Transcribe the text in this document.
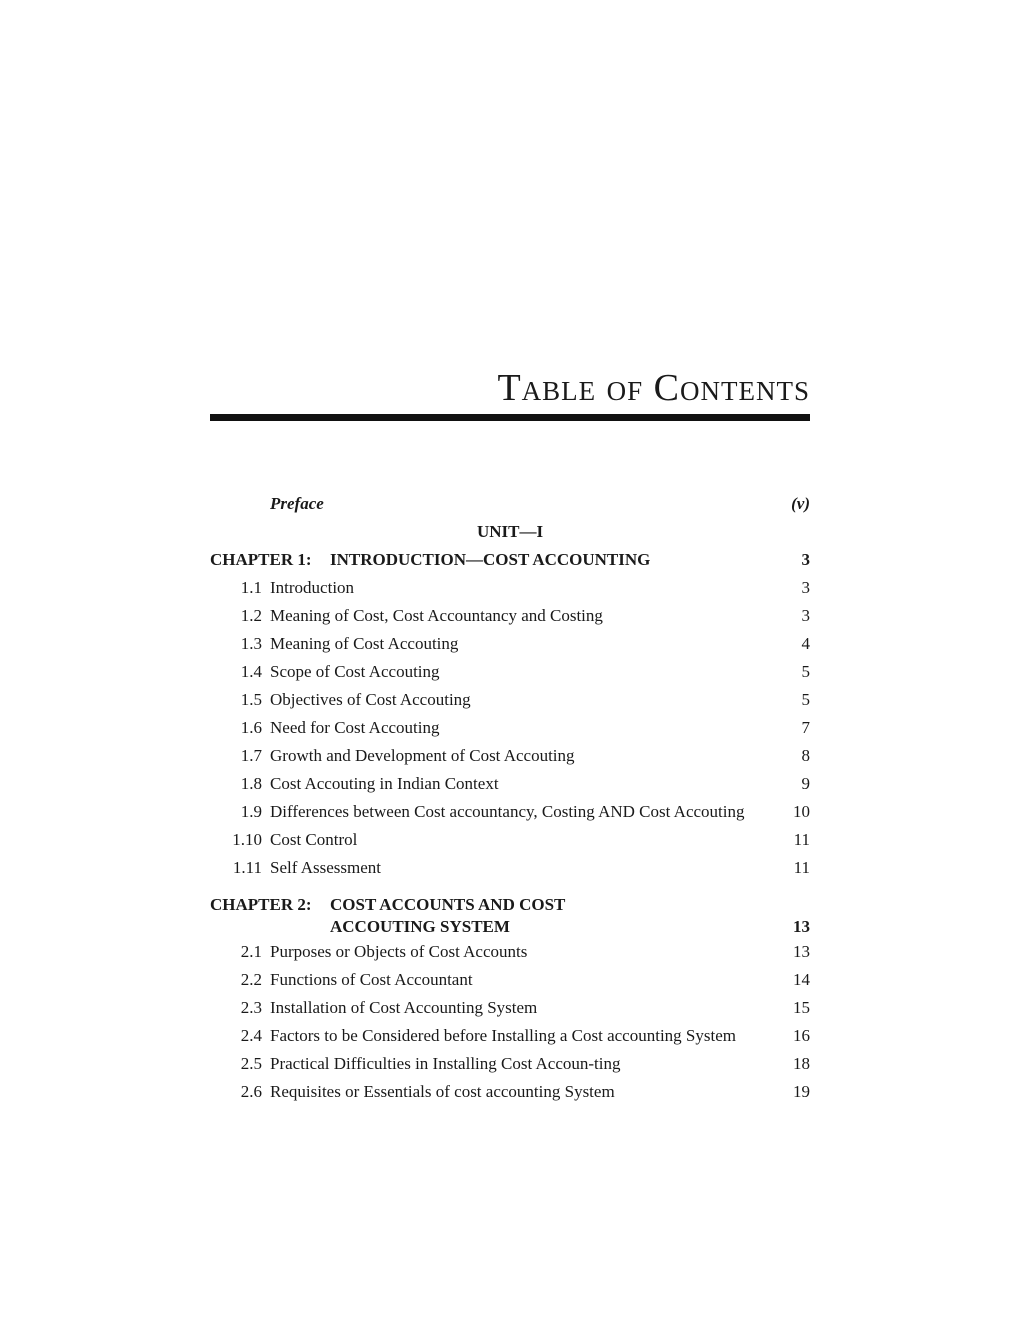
Table of Contents
Preface	(v)
UNIT—I
CHAPTER 1: INTRODUCTION—COST ACCOUNTING	3
1.1 Introduction	3
1.2 Meaning of Cost, Cost Accountancy and Costing	3
1.3 Meaning of Cost Accouting	4
1.4 Scope of Cost Accouting	5
1.5 Objectives of Cost Accouting	5
1.6 Need for Cost Accouting	7
1.7 Growth and Development of Cost Accouting	8
1.8 Cost Accouting in Indian Context	9
1.9 Differences between Cost accountancy, Costing AND Cost Accouting	10
1.10 Cost Control	11
1.11 Self Assessment	11
CHAPTER 2: COST ACCOUNTS AND COST
ACCOUTING SYSTEM	13
2.1 Purposes or Objects of Cost Accounts	13
2.2 Functions of Cost Accountant	14
2.3 Installation of Cost Accounting System	15
2.4 Factors to be Considered before Installing a Cost accounting System	16
2.5 Practical Difficulties in Installing Cost Accoun-ting	18
2.6 Requisites or Essentials of cost accounting System	19
